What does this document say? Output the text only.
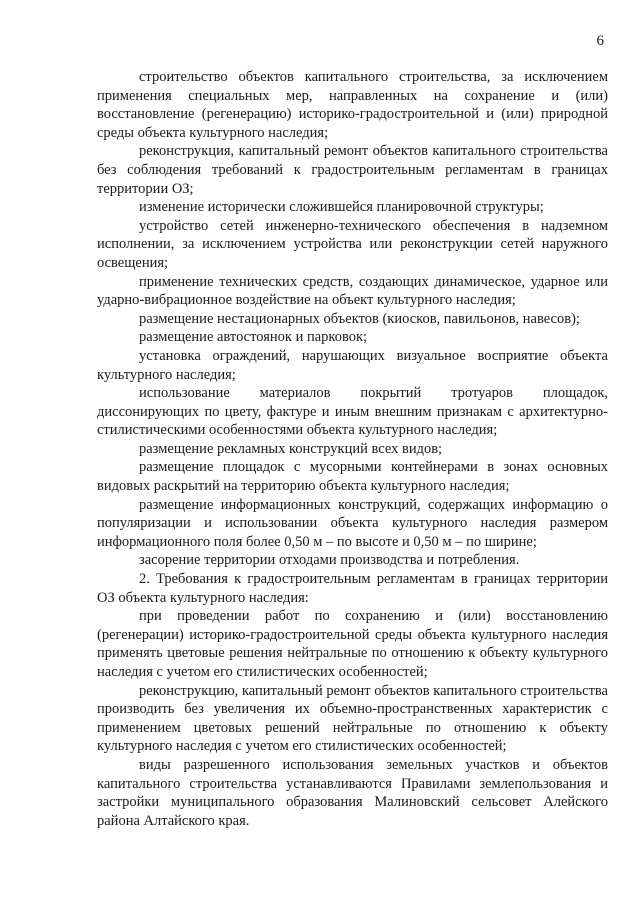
6

строительство объектов капитального строительства, за исключением применения специальных мер, направленных на сохранение и (или) восстановление (регенерацию) историко-градостроительной и (или) природной среды объекта культурного наследия;

реконструкция, капитальный ремонт объектов капитального строительства без соблюдения требований к градостроительным регламентам в границах территории ОЗ;

изменение исторически сложившейся планировочной структуры;

устройство сетей инженерно-технического обеспечения в надземном исполнении, за исключением устройства или реконструкции сетей наружного освещения;

применение технических средств, создающих динамическое, ударное или ударно-вибрационное воздействие на объект культурного наследия;

размещение нестационарных объектов (киосков, павильонов, навесов);

размещение автостоянок и парковок;

установка ограждений, нарушающих визуальное восприятие объекта культурного наследия;

использование материалов покрытий тротуаров площадок, диссонирующих по цвету, фактуре и иным внешним признакам с архитектурно-стилистическими особенностями объекта культурного наследия;

размещение рекламных конструкций всех видов;

размещение площадок с мусорными контейнерами в зонах основных видовых раскрытий на территорию объекта культурного наследия;

размещение информационных конструкций, содержащих информацию о популяризации и использовании объекта культурного наследия размером информационного поля более 0,50 м – по высоте и 0,50 м – по ширине;

засорение территории отходами производства и потребления.

2. Требования к градостроительным регламентам в границах территории ОЗ объекта культурного наследия:

при проведении работ по сохранению и (или) восстановлению (регенерации) историко-градостроительной среды объекта культурного наследия применять цветовые решения нейтральные по отношению к объекту культурного наследия с учетом его стилистических особенностей;

реконструкцию, капитальный ремонт объектов капитального строительства производить без увеличения их объемно-пространственных характеристик с применением цветовых решений нейтральные по отношению к объекту культурного наследия с учетом его стилистических особенностей;

виды разрешенного использования земельных участков и объектов капитального строительства устанавливаются Правилами землепользования и застройки муниципального образования Малиновский сельсовет Алейского района Алтайского края.
